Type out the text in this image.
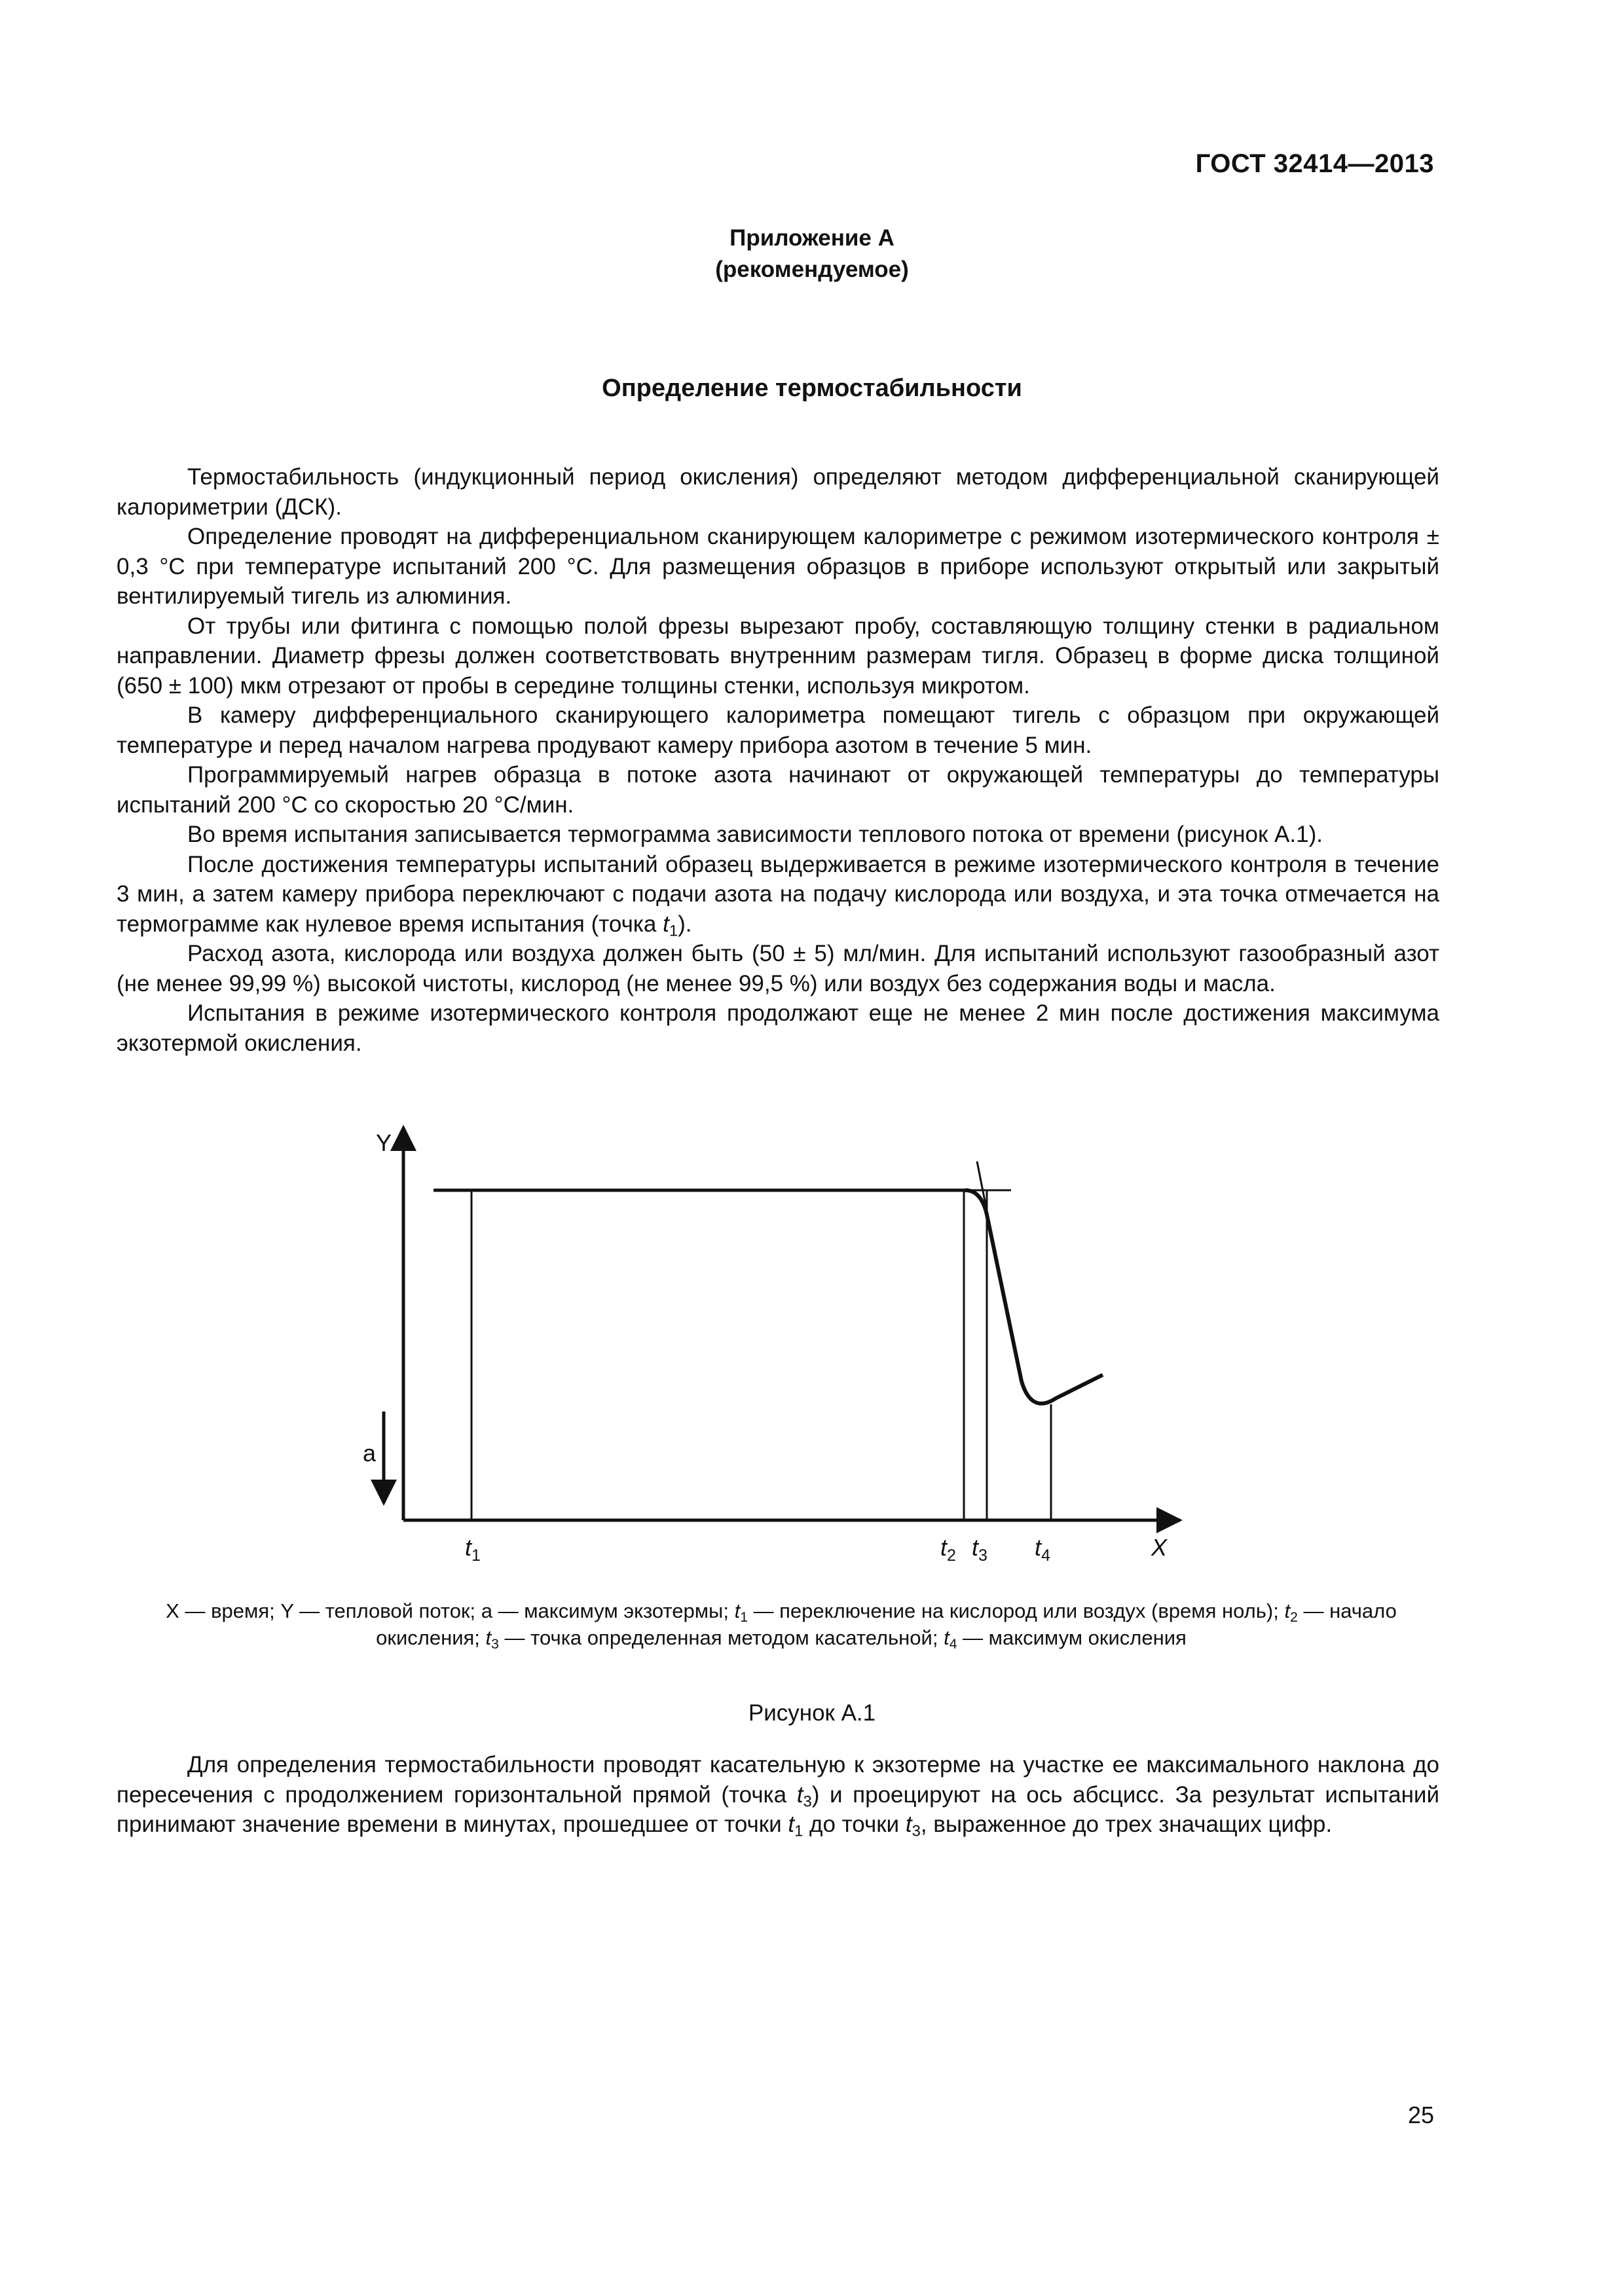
ГОСТ 32414—2013
Приложение А
(рекомендуемое)
Определение термостабильности

Термостабильность (индукционный период окисления) определяют методом дифференциальной сканирующей калориметрии (ДСК).

Определение проводят на дифференциальном сканирующем калориметре с режимом изотермического контроля ± 0,3 °С при температуре испытаний 200 °С. Для размещения образцов в приборе используют открытый или закрытый вентилируемый тигель из алюминия.

От трубы или фитинга с помощью полой фрезы вырезают пробу, составляющую толщину стенки в радиальном направлении. Диаметр фрезы должен соответствовать внутренним размерам тигля. Образец в форме диска толщиной (650 ± 100) мкм отрезают от пробы в середине толщины стенки, используя микротом.

В камеру дифференциального сканирующего калориметра помещают тигель с образцом при окружающей температуре и перед началом нагрева продувают камеру прибора азотом в течение 5 мин.

Программируемый нагрев образца в потоке азота начинают от окружающей температуры до температуры испытаний 200 °С со скоростью 20 °С/мин.

Во время испытания записывается термограмма зависимости теплового потока от времени (рисунок А.1).

После достижения температуры испытаний образец выдерживается в режиме изотермического контроля в течение 3 мин, а затем камеру прибора переключают с подачи азота на подачу кислорода или воздуха, и эта точка отмечается на термограмме как нулевое время испытания (точка $t_1$).

Расход азота, кислорода или воздуха должен быть (50 ± 5) мл/мин. Для испытаний используют газообразный азот (не менее 99,99 %) высокой чистоты, кислород (не менее 99,5 %) или воздух без содержания воды и масла.

Испытания в режиме изотермического контроля продолжают еще не менее 2 мин после достижения максимума экзотермой окисления.

Y
a
X
$t_1$	$t_2$ $t_3$ $t_4$
X — время; Y — тепловой поток; a — максимум экзотермы; $t_1$ — переключение на кислород или воздух (время ноль); $t_2$ — начало окисления; $t_3$ — точка определенная методом касательной; $t_4$ — максимум окисления
Рисунок А.1

Для определения термостабильности проводят касательную к экзотерме на участке ее максимального наклона до пересечения с продолжением горизонтальной прямой (точка $t_3$) и проецируют на ось абсцисс. За результат испытаний принимают значение времени в минутах, прошедшее от точки $t_1$ до точки $t_3$, выраженное до трех значащих цифр.

25
